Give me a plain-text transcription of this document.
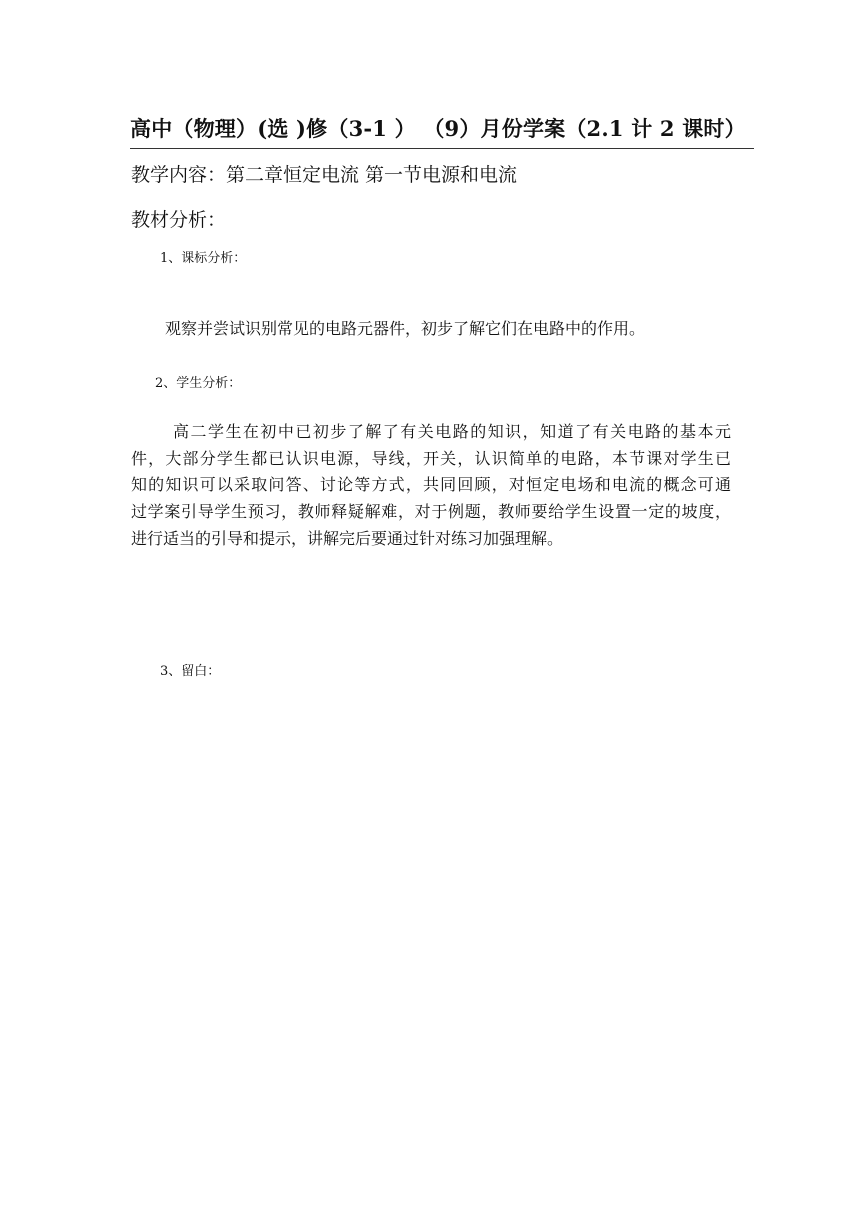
高中（物理）(选 )修（3-1 ） （9）月份学案（2.1 计 2 课时）
教学内容：第二章恒定电流 第一节电源和电流
教材分析：
1、课标分析：
观察并尝试识别常见的电路元器件，初步了解它们在电路中的作用。
2、学生分析：
高二学生在初中已初步了解了有关电路的知识，知道了有关电路的基本元
件，大部分学生都已认识电源，导线，开关，认识简单的电路，本节课对学生已
知的知识可以采取问答、讨论等方式，共同回顾，对恒定电场和电流的概念可通
过学案引导学生预习，教师释疑解难，对于例题，教师要给学生设置一定的坡度，
进行适当的引导和提示，讲解完后要通过针对练习加强理解。
3、留白：
